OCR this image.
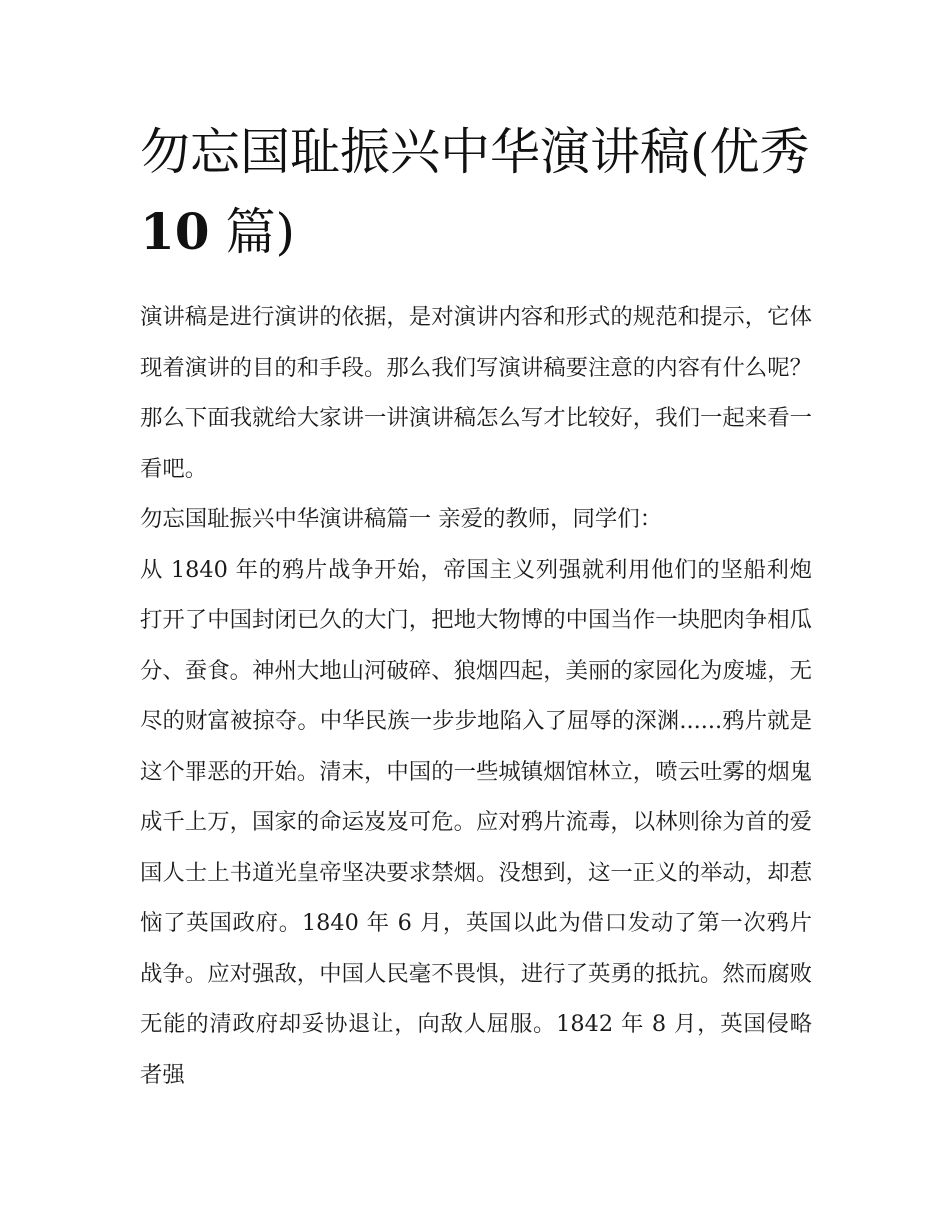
勿忘国耻振兴中华演讲稿(优秀
10 篇)

演讲稿是进行演讲的依据，是对演讲内容和形式的规范和提示，它体现着演讲的目的和手段。那么我们写演讲稿要注意的内容有什么呢？那么下面我就给大家讲一讲演讲稿怎么写才比较好，我们一起来看一看吧。

勿忘国耻振兴中华演讲稿篇一 亲爱的教师，同学们：

从 1840 年的鸦片战争开始，帝国主义列强就利用他们的坚船利炮打开了中国封闭已久的大门，把地大物博的中国当作一块肥肉争相瓜分、蚕食。神州大地山河破碎、狼烟四起，美丽的家园化为废墟，无尽的财富被掠夺。中华民族一步步地陷入了屈辱的深渊......鸦片就是这个罪恶的开始。清末，中国的一些城镇烟馆林立，喷云吐雾的烟鬼成千上万，国家的命运岌岌可危。应对鸦片流毒，以林则徐为首的爱国人士上书道光皇帝坚决要求禁烟。没想到，这一正义的举动，却惹恼了英国政府。1840 年 6 月，英国以此为借口发动了第一次鸦片战争。应对强敌，中国人民毫不畏惧，进行了英勇的抵抗。然而腐败无能的清政府却妥协退让，向敌人屈服。1842 年 8 月，英国侵略者强
